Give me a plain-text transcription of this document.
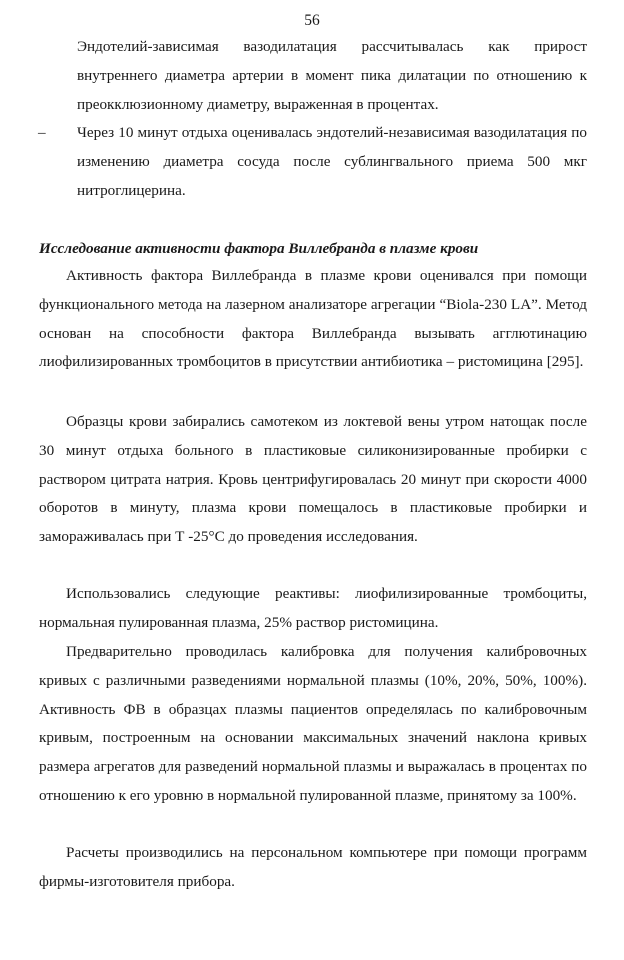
56

Эндотелий-зависимая вазодилатация рассчитывалась как прирост внутреннего диаметра артерии в момент пика дилатации по отношению к преокклюзионному диаметру, выраженная в процентах.

–	Через 10 минут отдыха оценивалась эндотелий-независимая вазодилатация по изменению диаметра сосуда после сублингвального приема 500 мкг нитроглицерина.

Исследование активности фактора Виллебранда в плазме крови

Активность фактора Виллебранда в плазме крови оценивался при помощи функционального метода на лазерном анализаторе агрегации “Biola-230 LA”. Метод основан на способности фактора Виллебранда вызывать агглютинацию лиофилизированных тромбоцитов в присутствии антибиотика – ристомицина [295].

Образцы крови забирались самотеком из локтевой вены утром натощак после 30 минут отдыха больного в пластиковые силиконизированные пробирки с раствором цитрата натрия. Кровь центрифугировалась 20 минут при скорости 4000 оборотов в минуту, плазма крови помещалось в пластиковые пробирки и замораживалась при Т -25°C до проведения исследования.

Использовались следующие реактивы: лиофилизированные тромбоциты, нормальная пулированная плазма, 25% раствор ристомицина.

Предварительно проводилась калибровка для получения калибровочных кривых с различными разведениями нормальной плазмы (10%, 20%, 50%, 100%). Активность ФВ в образцах плазмы пациентов определялась по калибровочным кривым, построенным на основании максимальных значений наклона кривых размера агрегатов для разведений нормальной плазмы и выражалась в процентах по отношению к его уровню в нормальной пулированной плазме, принятому за 100%.

Расчеты производились на персональном компьютере при помощи программ фирмы-изготовителя прибора.
